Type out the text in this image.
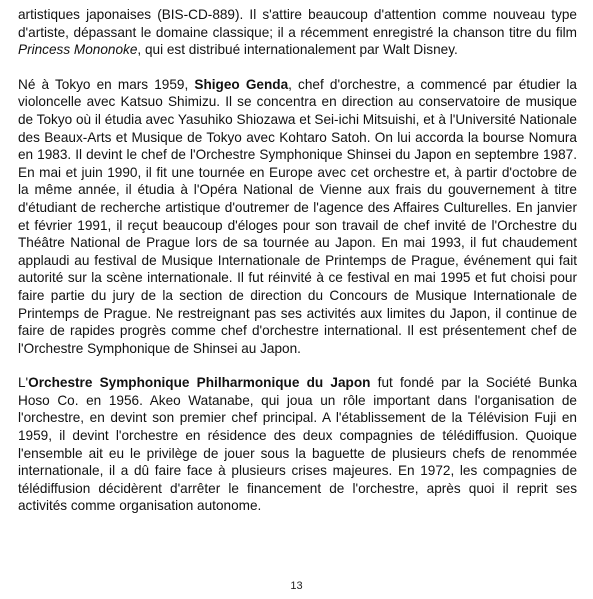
artistiques japonaises (BIS-CD-889). Il s'attire beaucoup d'attention comme nouveau type d'artiste, dépassant le domaine classique; il a récemment enregistré la chanson titre du film Princess Mononoke, qui est distribué internationalement par Walt Disney.

Né à Tokyo en mars 1959, Shigeo Genda, chef d'orchestre, a commencé par étudier la violoncelle avec Katsuo Shimizu. Il se concentra en direction au conservatoire de musique de Tokyo où il étudia avec Yasuhiko Shiozawa et Sei-ichi Mitsuishi, et à l'Université Nationale des Beaux-Arts et Musique de Tokyo avec Kohtaro Satoh. On lui accorda la bourse Nomura en 1983. Il devint le chef de l'Orchestre Symphonique Shinsei du Japon en septembre 1987. En mai et juin 1990, il fit une tournée en Europe avec cet orchestre et, à partir d'octobre de la même année, il étudia à l'Opéra National de Vienne aux frais du gouvernement à titre d'étudiant de recherche artistique d'outremer de l'agence des Affaires Culturelles. En janvier et février 1991, il reçut beaucoup d'éloges pour son travail de chef invité de l'Orchestre du Théâtre National de Prague lors de sa tournée au Japon. En mai 1993, il fut chaudement applaudi au festival de Musique Internationale de Printemps de Prague, événement qui fait autorité sur la scène internationale. Il fut réinvité à ce festival en mai 1995 et fut choisi pour faire partie du jury de la section de direction du Concours de Musique Internationale de Printemps de Prague. Ne restreignant pas ses activités aux limites du Japon, il continue de faire de rapides progrès comme chef d'orchestre international. Il est présentement chef de l'Orchestre Symphonique de Shinsei au Japon.

L'Orchestre Symphonique Philharmonique du Japon fut fondé par la Société Bunka Hoso Co. en 1956. Akeo Watanabe, qui joua un rôle important dans l'organisation de l'orchestre, en devint son premier chef principal. A l'établissement de la Télévision Fuji en 1959, il devint l'orchestre en résidence des deux compagnies de télédiffusion. Quoique l'ensemble ait eu le privilège de jouer sous la baguette de plusieurs chefs de renommée internationale, il a dû faire face à plusieurs crises majeures. En 1972, les compagnies de télédiffusion décidèrent d'arrêter le financement de l'orchestre, après quoi il reprit ses activités comme organisation autonome.

13
